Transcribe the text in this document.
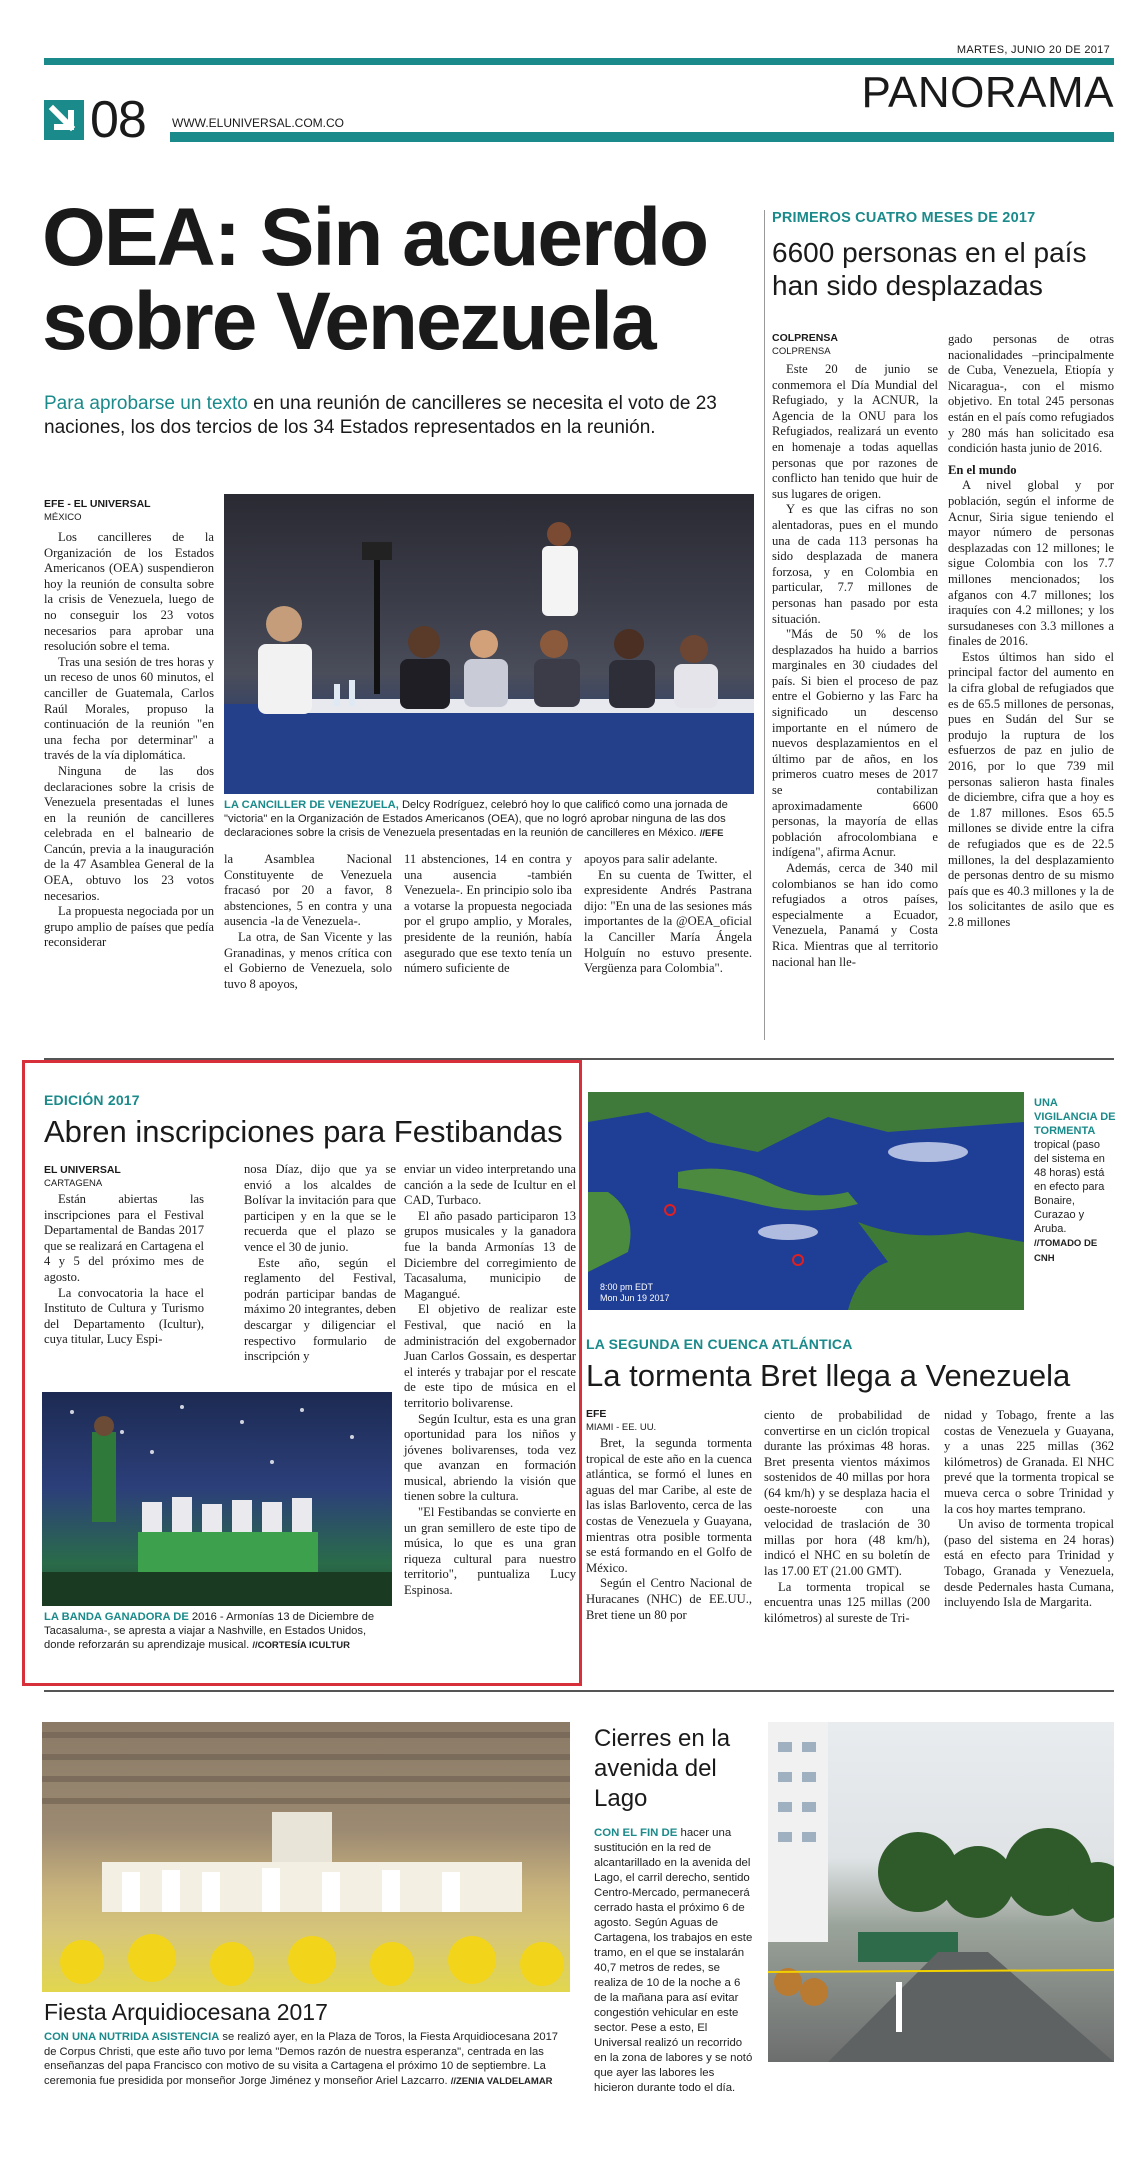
MARTES, JUNIO 20 DE 2017
PANORAMA
08 WWW.ELUNIVERSAL.COM.CO
OEA: Sin acuerdo sobre Venezuela
Para aprobarse un texto en una reunión de cancilleres se necesita el voto de 23 naciones, los dos tercios de los 34 Estados representados en la reunión.
EFE - EL UNIVERSAL
MÉXICO

Los cancilleres de la Organización de los Estados Americanos (OEA) suspendieron hoy la reunión de consulta sobre la crisis de Venezuela, luego de no conseguir los 23 votos necesarios para aprobar una resolución sobre el tema.

Tras una sesión de tres horas y un receso de unos 60 minutos, el canciller de Guatemala, Carlos Raúl Morales, propuso la continuación de la reunión "en una fecha por determinar" a través de la vía diplomática.

Ninguna de las dos declaraciones sobre la crisis de Venezuela presentadas el lunes en la reunión de cancilleres celebrada en el balneario de Cancún, previa a la inauguración de la 47 Asamblea General de la OEA, obtuvo los 23 votos necesarios.

La propuesta negociada por un grupo amplio de países que pedía reconsiderar

LA CANCILLER DE VENEZUELA, Delcy Rodríguez, celebró hoy lo que calificó como una jornada de "victoria" en la Organización de Estados Americanos (OEA), que no logró aprobar ninguna de las dos declaraciones sobre la crisis de Venezuela presentadas en la reunión de cancilleres en México. //EFE

la Asamblea Nacional Constituyente de Venezuela fracasó por 20 a favor, 8 abstenciones, 5 en contra y una ausencia -la de Venezuela-.

La otra, de San Vicente y las Granadinas, y menos crítica con el Gobierno de Venezuela, solo tuvo 8 apoyos,

11 abstenciones, 14 en contra y una ausencia -también Venezuela-. En principio solo iba a votarse la propuesta negociada por el grupo amplio, y Morales, presidente de la reunión, había asegurado que ese texto tenía un número suficiente de

apoyos para salir adelante.

En su cuenta de Twitter, el expresidente Andrés Pastrana dijo: "En una de las sesiones más importantes de la @OEA_oficial la Canciller María Ángela Holguín no estuvo presente. Vergüenza para Colombia".

PRIMEROS CUATRO MESES DE 2017
6600 personas en el país han sido desplazadas
COLPRENSA
COLPRENSA

Este 20 de junio se conmemora el Día Mundial del Refugiado, y la ACNUR, la Agencia de la ONU para los Refugiados, realizará un evento en homenaje a todas aquellas personas que por razones de conflicto han tenido que huir de sus lugares de origen.

Y es que las cifras no son alentadoras, pues en el mundo una de cada 113 personas ha sido desplazada de manera forzosa, y en Colombia en particular, 7.7 millones de personas han pasado por esta situación.

"Más de 50 % de los desplazados ha huido a barrios marginales en 30 ciudades del país. Si bien el proceso de paz entre el Gobierno y las Farc ha significado un descenso importante en el número de nuevos desplazamientos en el último par de años, en los primeros cuatro meses de 2017 se contabilizan aproximadamente 6600 personas, la mayoría de ellas población afrocolombiana e indígena", afirma Acnur.

Además, cerca de 340 mil colombianos se han ido como refugiados a otros países, especialmente a Ecuador, Venezuela, Panamá y Costa Rica. Mientras que al territorio nacional han lle-

gado personas de otras nacionalidades –principalmente de Cuba, Venezuela, Etiopía y Nicaragua-, con el mismo objetivo. En total 245 personas están en el país como refugiados y 280 más han solicitado esa condición hasta junio de 2016.

En el mundo

A nivel global y por población, según el informe de Acnur, Siria sigue teniendo el mayor número de personas desplazadas con 12 millones; le sigue Colombia con los 7.7 millones mencionados; los afganos con 4.7 millones; los iraquíes con 4.2 millones; y los sursudaneses con 3.3 millones a finales de 2016.

Estos últimos han sido el principal factor del aumento en la cifra global de refugiados que es de 65.5 millones de personas, pues en Sudán del Sur se produjo la ruptura de los esfuerzos de paz en julio de 2016, por lo que 739 mil personas salieron hasta finales de diciembre, cifra que a hoy es de 1.87 millones. Esos 65.5 millones se divide entre la cifra de refugiados que es de 22.5 millones, la del desplazamiento de personas dentro de su mismo país que es 40.3 millones y la de los solicitantes de asilo que es 2.8 millones

EDICIÓN 2017
Abren inscripciones para Festibandas
EL UNIVERSAL
CARTAGENA

Están abiertas las inscripciones para el Festival Departamental de Bandas 2017 que se realizará en Cartagena el 4 y 5 del próximo mes de agosto.

La convocatoria la hace el Instituto de Cultura y Turismo del Departamento (Icultur), cuya titular, Lucy Espi-

nosa Díaz, dijo que ya se envió a los alcaldes de Bolívar la invitación para que participen y en la que se le recuerda que el plazo se vence el 30 de junio.

Este año, según el reglamento del Festival, podrán participar bandas de máximo 20 integrantes, deben descargar y diligenciar el respectivo formulario de inscripción y

enviar un video interpretando una canción a la sede de Icultur en el CAD, Turbaco.

El año pasado participaron 13 grupos musicales y la ganadora fue la banda Armonías 13 de Diciembre del corregimiento de Tacasaluma, municipio de Magangué.

El objetivo de realizar este Festival, que nació en la administración del exgobernador Juan Carlos Gossain, es despertar el interés y trabajar por el rescate de este tipo de música en el territorio bolivarense.

Según Icultur, esta es una gran oportunidad para los niños y jóvenes bolivarenses, toda vez que avanzan en formación musical, abriendo la visión que tienen sobre la cultura.

"El Festibandas se convierte en un gran semillero de este tipo de música, lo que es una gran riqueza cultural para nuestro territorio", puntualiza Lucy Espinosa.

LA BANDA GANADORA DE 2016 - Armonías 13 de Diciembre de Tacasaluma-, se apresta a viajar a Nashville, en Estados Unidos, donde reforzarán su aprendizaje musical. //CORTESÍA ICULTUR
8:00 pm EDT
Mon Jun 19 2017
UNA VIGILANCIA DE TORMENTA tropical (paso del sistema en 48 horas) está en efecto para Bonaire, Curazao y Aruba. //TOMADO DE CNH
LA SEGUNDA EN CUENCA ATLÁNTICA
La tormenta Bret llega a Venezuela
EFE
MIAMI - EE. UU.

Bret, la segunda tormenta tropical de este año en la cuenca atlántica, se formó el lunes en aguas del mar Caribe, al este de las islas Barlovento, cerca de las costas de Venezuela y Guayana, mientras otra posible tormenta se está formando en el Golfo de México.

Según el Centro Nacional de Huracanes (NHC) de EE.UU., Bret tiene un 80 por

ciento de probabilidad de convertirse en un ciclón tropical durante las próximas 48 horas. Bret presenta vientos máximos sostenidos de 40 millas por hora (64 km/h) y se desplaza hacia el oeste-noroeste con una velocidad de traslación de 30 millas por hora (48 km/h), indicó el NHC en su boletín de las 17.00 ET (21.00 GMT).

La tormenta tropical se encuentra unas 125 millas (200 kilómetros) al sureste de Tri-

nidad y Tobago, frente a las costas de Venezuela y Guayana, y a unas 225 millas (362 kilómetros) de Granada. El NHC prevé que la tormenta tropical se mueva cerca o sobre Trinidad y la cos hoy martes temprano.

Un aviso de tormenta tropical (paso del sistema en 24 horas) está en efecto para Trinidad y Tobago, Granada y Venezuela, desde Pedernales hasta Cumana, incluyendo Isla de Margarita.

Fiesta Arquidiocesana 2017
CON UNA NUTRIDA ASISTENCIA se realizó ayer, en la Plaza de Toros, la Fiesta Arquidiocesana 2017 de Corpus Christi, que este año tuvo por lema "Demos razón de nuestra esperanza", centrada en las enseñanzas del papa Francisco con motivo de su visita a Cartagena el próximo 10 de septiembre. La ceremonia fue presidida por monseñor Jorge Jiménez y monseñor Ariel Lazcarro. //ZENIA VALDELAMAR
Cierres en la avenida del Lago
CON EL FIN DE hacer una sustitución en la red de alcantarillado en la avenida del Lago, el carril derecho, sentido Centro-Mercado, permanecerá cerrado hasta el próximo 6 de agosto. Según Aguas de Cartagena, los trabajos en este tramo, en el que se instalarán 40,7 metros de redes, se realiza de 10 de la noche a 6 de la mañana para así evitar congestión vehicular en este sector. Pese a esto, El Universal realizó un recorrido en la zona de labores y se notó que ayer las labores les hicieron durante todo el día.
